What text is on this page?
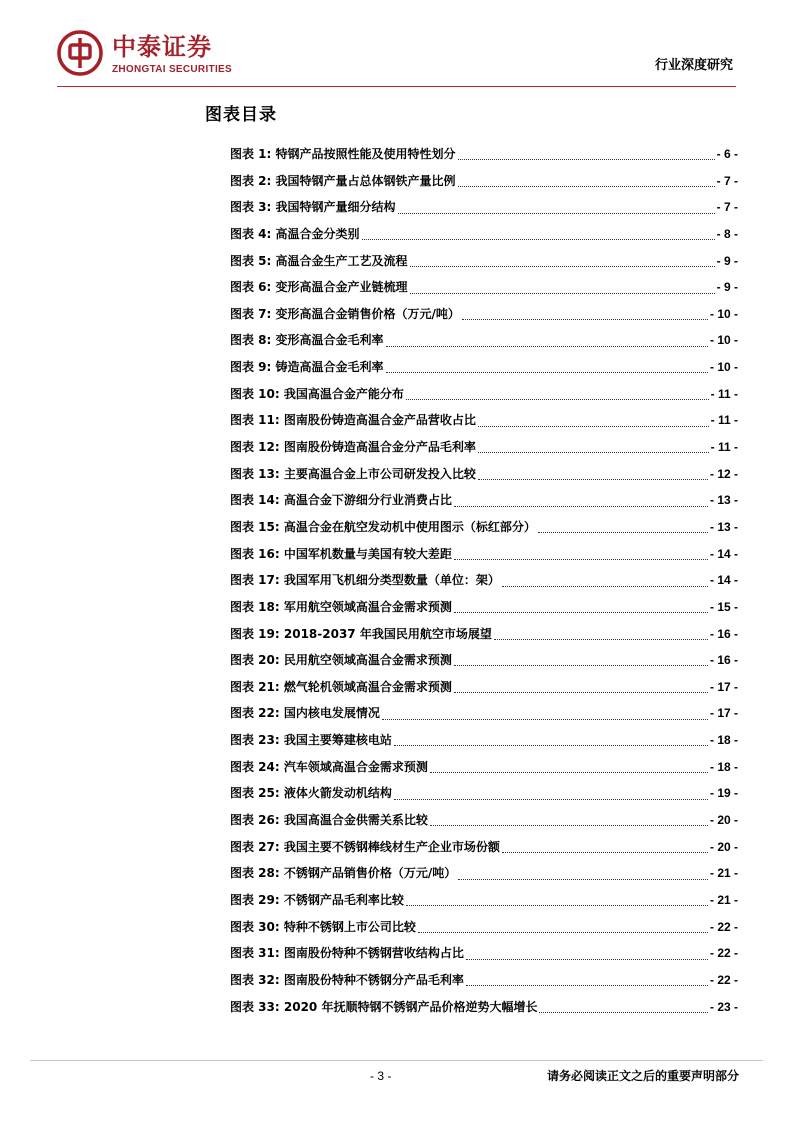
中泰证券
ZHONGTAI SECURITIES	行业深度研究
图表目录
图表 1:
特钢产品按照性能及使用特性划分	- 6 -
图表 2:
我国特钢产量占总体钢铁产量比例	- 7 -
图表 3:
我国特钢产量细分结构	- 7 -
图表 4:
高温合金分类别	- 8 -
图表 5:
高温合金生产工艺及流程	- 9 -
图表 6:
变形高温合金产业链梳理	- 9 -
图表 7:
变形高温合金销售价格（万元/吨）	- 10 -
图表 8:
变形高温合金毛利率	- 10 -
图表 9:
铸造高温合金毛利率	- 10 -
图表 10:
我国高温合金产能分布	- 11 -
图表 11:
图南股份铸造高温合金产品营收占比	- 11 -
图表 12:
图南股份铸造高温合金分产品毛利率	- 11 -
图表 13:
主要高温合金上市公司研发投入比较	- 12 -
图表 14:
高温合金下游细分行业消费占比	- 13 -
图表 15:
高温合金在航空发动机中使用图示（标红部分）	- 13 -
图表 16:
中国军机数量与美国有较大差距	- 14 -
图表 17:
我国军用飞机细分类型数量（单位：架）	- 14 -
图表 18:
军用航空领域高温合金需求预测	- 15 -
图表 19:
2018-2037 年我国民用航空市场展望	- 16 -
图表 20:
民用航空领域高温合金需求预测	- 16 -
图表 21:
燃气轮机领域高温合金需求预测	- 17 -
图表 22:
国内核电发展情况	- 17 -
图表 23:
我国主要筹建核电站	- 18 -
图表 24:
汽车领域高温合金需求预测	- 18 -
图表 25:
液体火箭发动机结构	- 19 -
图表 26:
我国高温合金供需关系比较	- 20 -
图表 27:
我国主要不锈钢棒线材生产企业市场份额	- 20 -
图表 28:
不锈钢产品销售价格（万元/吨）	- 21 -
图表 29:
不锈钢产品毛利率比较	- 21 -
图表 30:
特种不锈钢上市公司比较	- 22 -
图表 31:
图南股份特种不锈钢营收结构占比	- 22 -
图表 32:
图南股份特种不锈钢分产品毛利率	- 22 -
图表 33:
2020 年抚顺特钢不锈钢产品价格逆势大幅增长	- 23 -
- 3 -	请务必阅读正文之后的重要声明部分
